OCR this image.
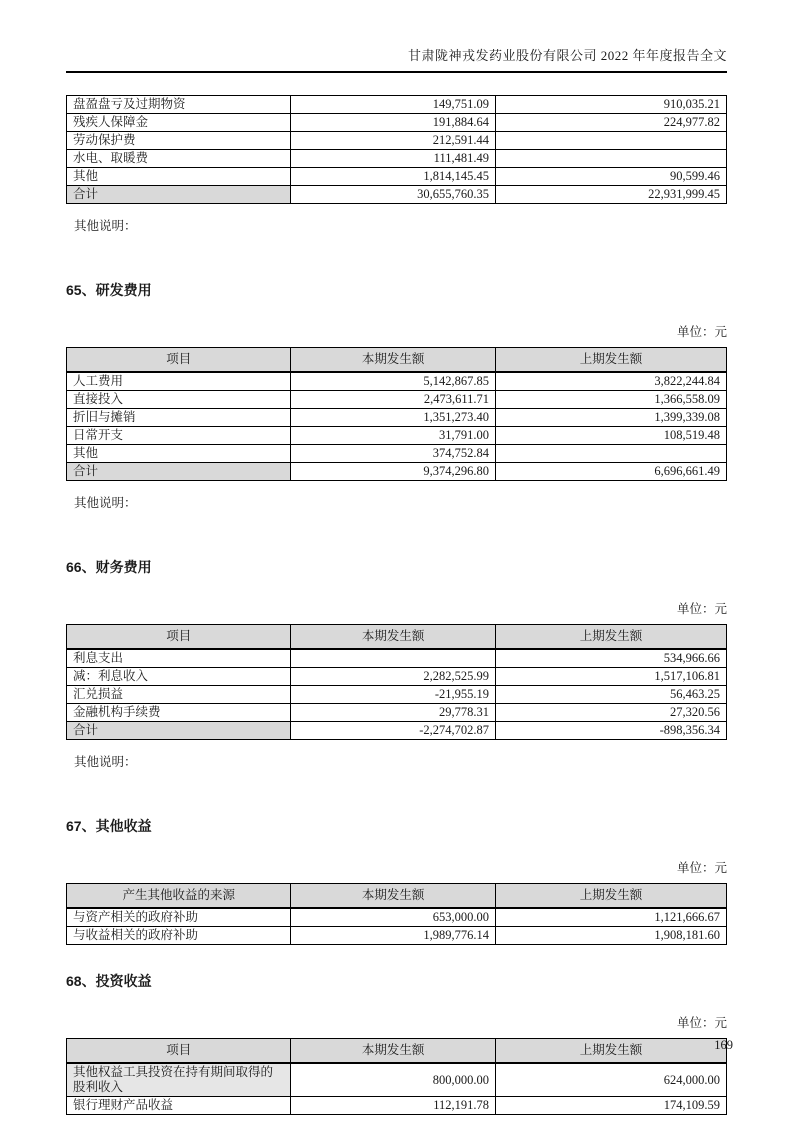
甘肃陇神戎发药业股份有限公司 2022 年年度报告全文
盘盈盘亏及过期物资	149,751.09	910,035.21
残疾人保障金	191,884.64	224,977.82
劳动保护费	212,591.44	
水电、取暖费	111,481.49	
其他	1,814,145.45	90,599.46
合计	30,655,760.35	22,931,999.45
其他说明：
65、研发费用
单位：元
项目	本期发生额	上期发生额
人工费用	5,142,867.85	3,822,244.84
直接投入	2,473,611.71	1,366,558.09
折旧与摊销	1,351,273.40	1,399,339.08
日常开支	31,791.00	108,519.48
其他	374,752.84	
合计	9,374,296.80	6,696,661.49
其他说明：
66、财务费用
单位：元
项目	本期发生额	上期发生额
利息支出		534,966.66
减：利息收入	2,282,525.99	1,517,106.81
汇兑损益	-21,955.19	56,463.25
金融机构手续费	29,778.31	27,320.56
合计	-2,274,702.87	-898,356.34
其他说明：
67、其他收益
单位：元
产生其他收益的来源	本期发生额	上期发生额
与资产相关的政府补助	653,000.00	1,121,666.67
与收益相关的政府补助	1,989,776.14	1,908,181.60
68、投资收益
单位：元
项目	本期发生额	上期发生额
其他权益工具投资在持有期间取得的股利收入	800,000.00	624,000.00
银行理财产品收益	112,191.78	174,109.59
169
